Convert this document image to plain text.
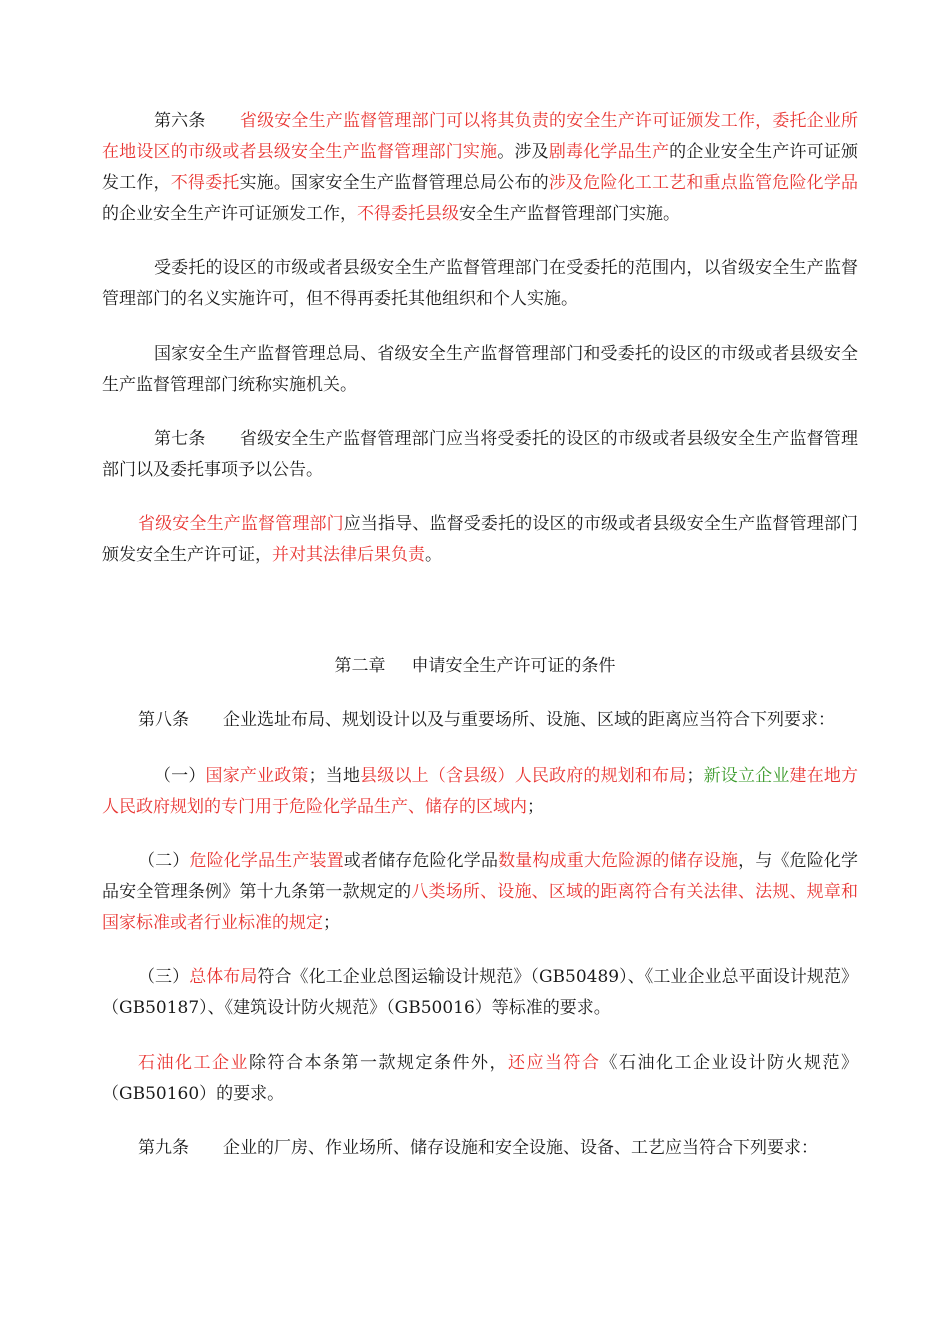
第六条　　 省级安全生产监督管理部门可以将其负责的安全生产许可证颁发工作，委托企业所在地设区的市级或者县级安全生产监督管理部门实施。涉及剧毒化学品生产的企业安全生产许可证颁发工作，不得委托实施。国家安全生产监督管理总局公布的涉及危险化工工艺和重点监管危险化学品的企业安全生产许可证颁发工作，不得委托县级安全生产监督管理部门实施。

受委托的设区的市级或者县级安全生产监督管理部门在受委托的范围内，以省级安全生产监督管理部门的名义实施许可，但不得再委托其他组织和个人实施。

国家安全生产监督管理总局、省级安全生产监督管理部门和受委托的设区的市级或者县级安全生产监督管理部门统称实施机关。

第七条　　 省级安全生产监督管理部门应当将受委托的设区的市级或者县级安全生产监督管理部门以及委托事项予以公告。

省级安全生产监督管理部门应当指导、监督受委托的设区的市级或者县级安全生产监督管理部门颁发安全生产许可证，并对其法律后果负责。

第二章 申请安全生产许可证的条件

第八条　　 企业选址布局、规划设计以及与重要场所、设施、区域的距离应当符合下列要求：

（一）国家产业政策；当地县级以上（含县级）人民政府的规划和布局；新设立企业建在地方人民政府规划的专门用于危险化学品生产、储存的区域内；

（二）危险化学品生产装置或者储存危险化学品数量构成重大危险源的储存设施，与《危险化学品安全管理条例》第十九条第一款规定的八类场所、设施、区域的距离符合有关法律、法规、规章和国家标准或者行业标准的规定；

（三）总体布局符合《化工企业总图运输设计规范》（GB50489）、《工业企业总平面设计规范》（GB50187）、《建筑设计防火规范》（GB50016）等标准的要求。

石油化工企业除符合本条第一款规定条件外，还应当符合《石油化工企业设计防火规范》（GB50160）的要求。

第九条　　 企业的厂房、作业场所、储存设施和安全设施、设备、工艺应当符合下列要求：
